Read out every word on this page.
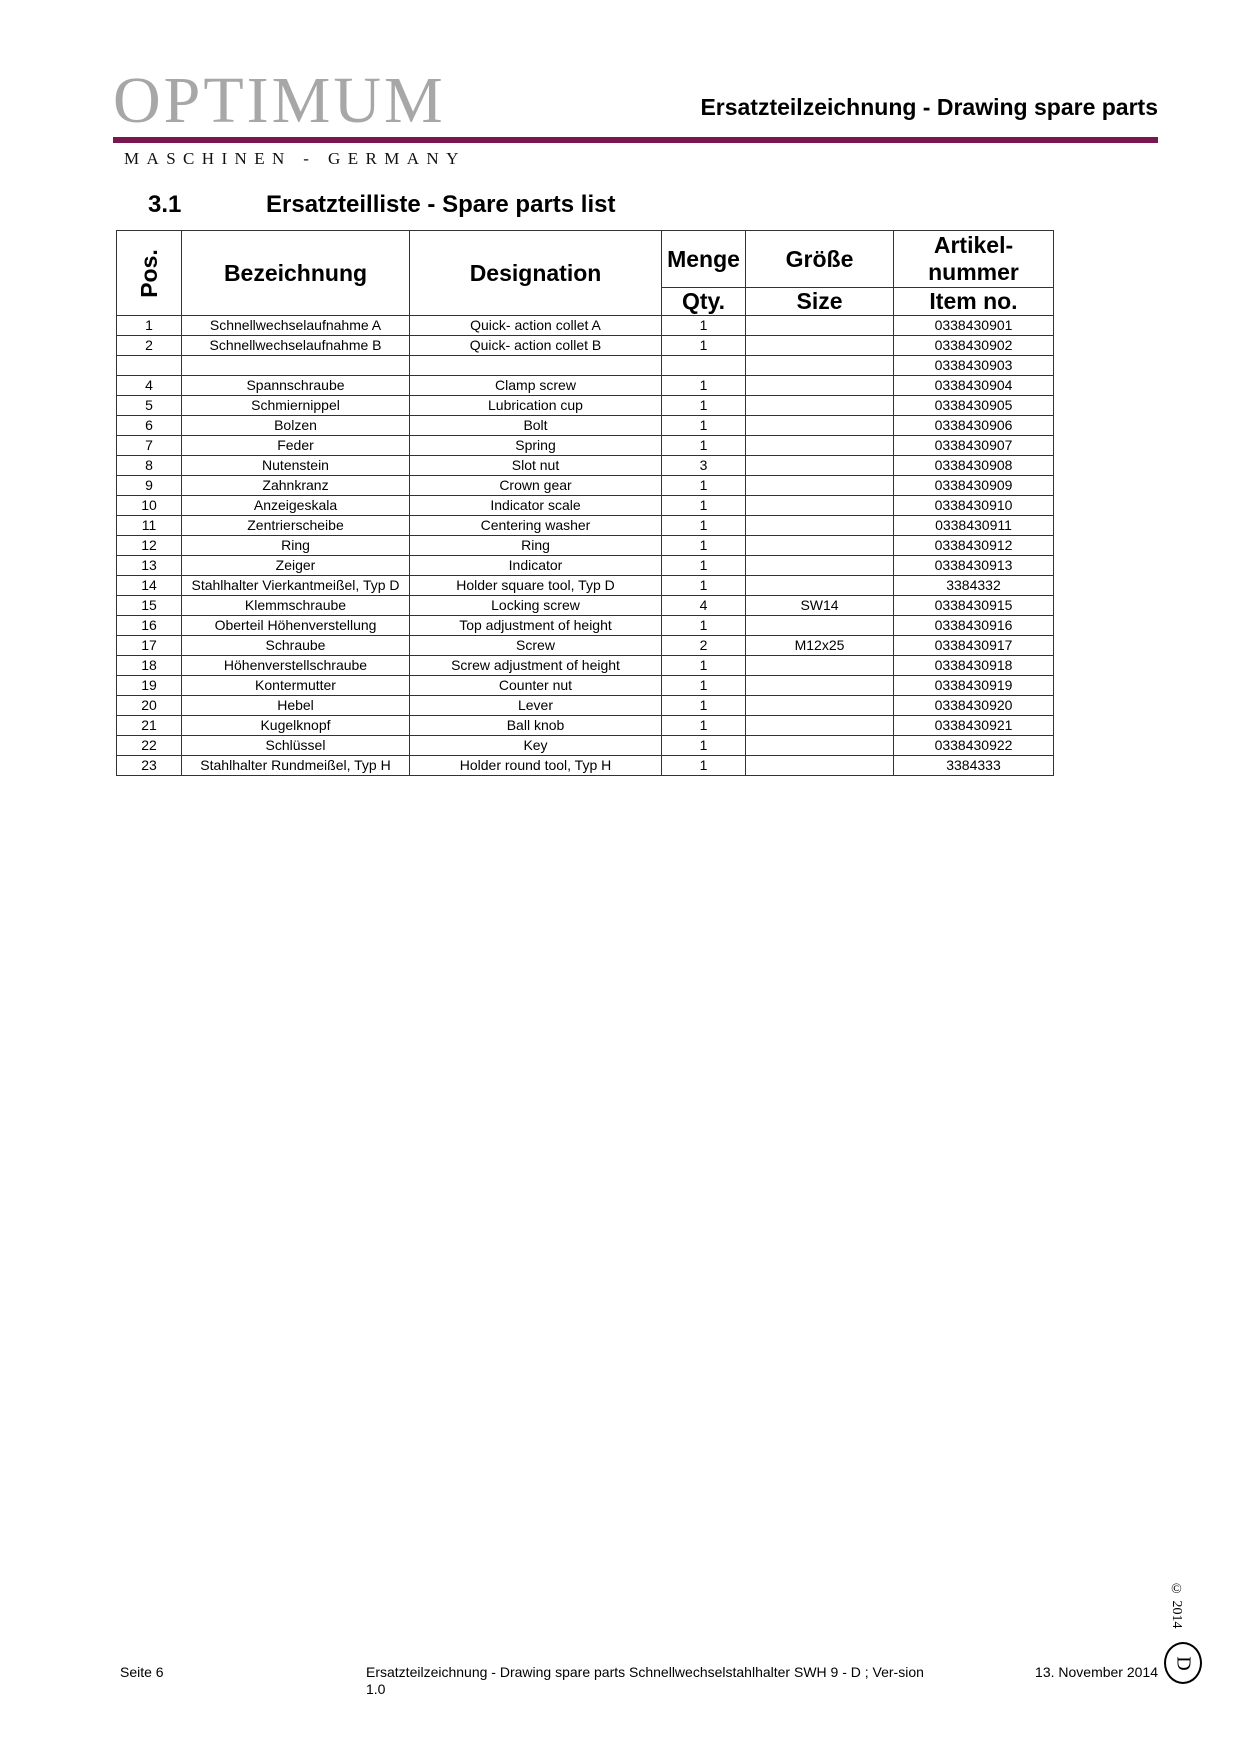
OPTIMUM
MASCHINEN - GERMANY
Ersatzteilzeichnung - Drawing spare parts
3.1	Ersatzteilliste - Spare parts list
Pos.	Bezeichnung	Designation	Menge	Größe	Artikel-
nummer
			Qty.	Size	Item no.
1	Schnellwechselaufnahme A	Quick- action collet A	1		0338430901
2	Schnellwechselaufnahme B	Quick- action collet B	1		0338430902
					0338430903
4	Spannschraube	Clamp screw	1		0338430904
5	Schmiernippel	Lubrication cup	1		0338430905
6	Bolzen	Bolt	1		0338430906
7	Feder	Spring	1		0338430907
8	Nutenstein	Slot nut	3		0338430908
9	Zahnkranz	Crown gear	1		0338430909
10	Anzeigeskala	Indicator scale	1		0338430910
11	Zentrierscheibe	Centering washer	1		0338430911
12	Ring	Ring	1		0338430912
13	Zeiger	Indicator	1		0338430913
14	Stahlhalter Vierkantmeißel, Typ D	Holder square tool, Typ D	1		3384332
15	Klemmschraube	Locking screw	4	SW14	0338430915
16	Oberteil Höhenverstellung	Top adjustment of height	1		0338430916
17	Schraube	Screw	2	M12x25	0338430917
18	Höhenverstellschraube	Screw adjustment of height	1		0338430918
19	Kontermutter	Counter nut	1		0338430919
20	Hebel	Lever	1		0338430920
21	Kugelknopf	Ball knob	1		0338430921
22	Schlüssel	Key	1		0338430922
23	Stahlhalter Rundmeißel, Typ H	Holder round tool, Typ H	1		3384333
Seite 6	Ersatzteilzeichnung - Drawing spare parts Schnellwechselstahlhalter SWH 9 - D ; Ver-sion 1.0
13. November 2014
© 2014
D
